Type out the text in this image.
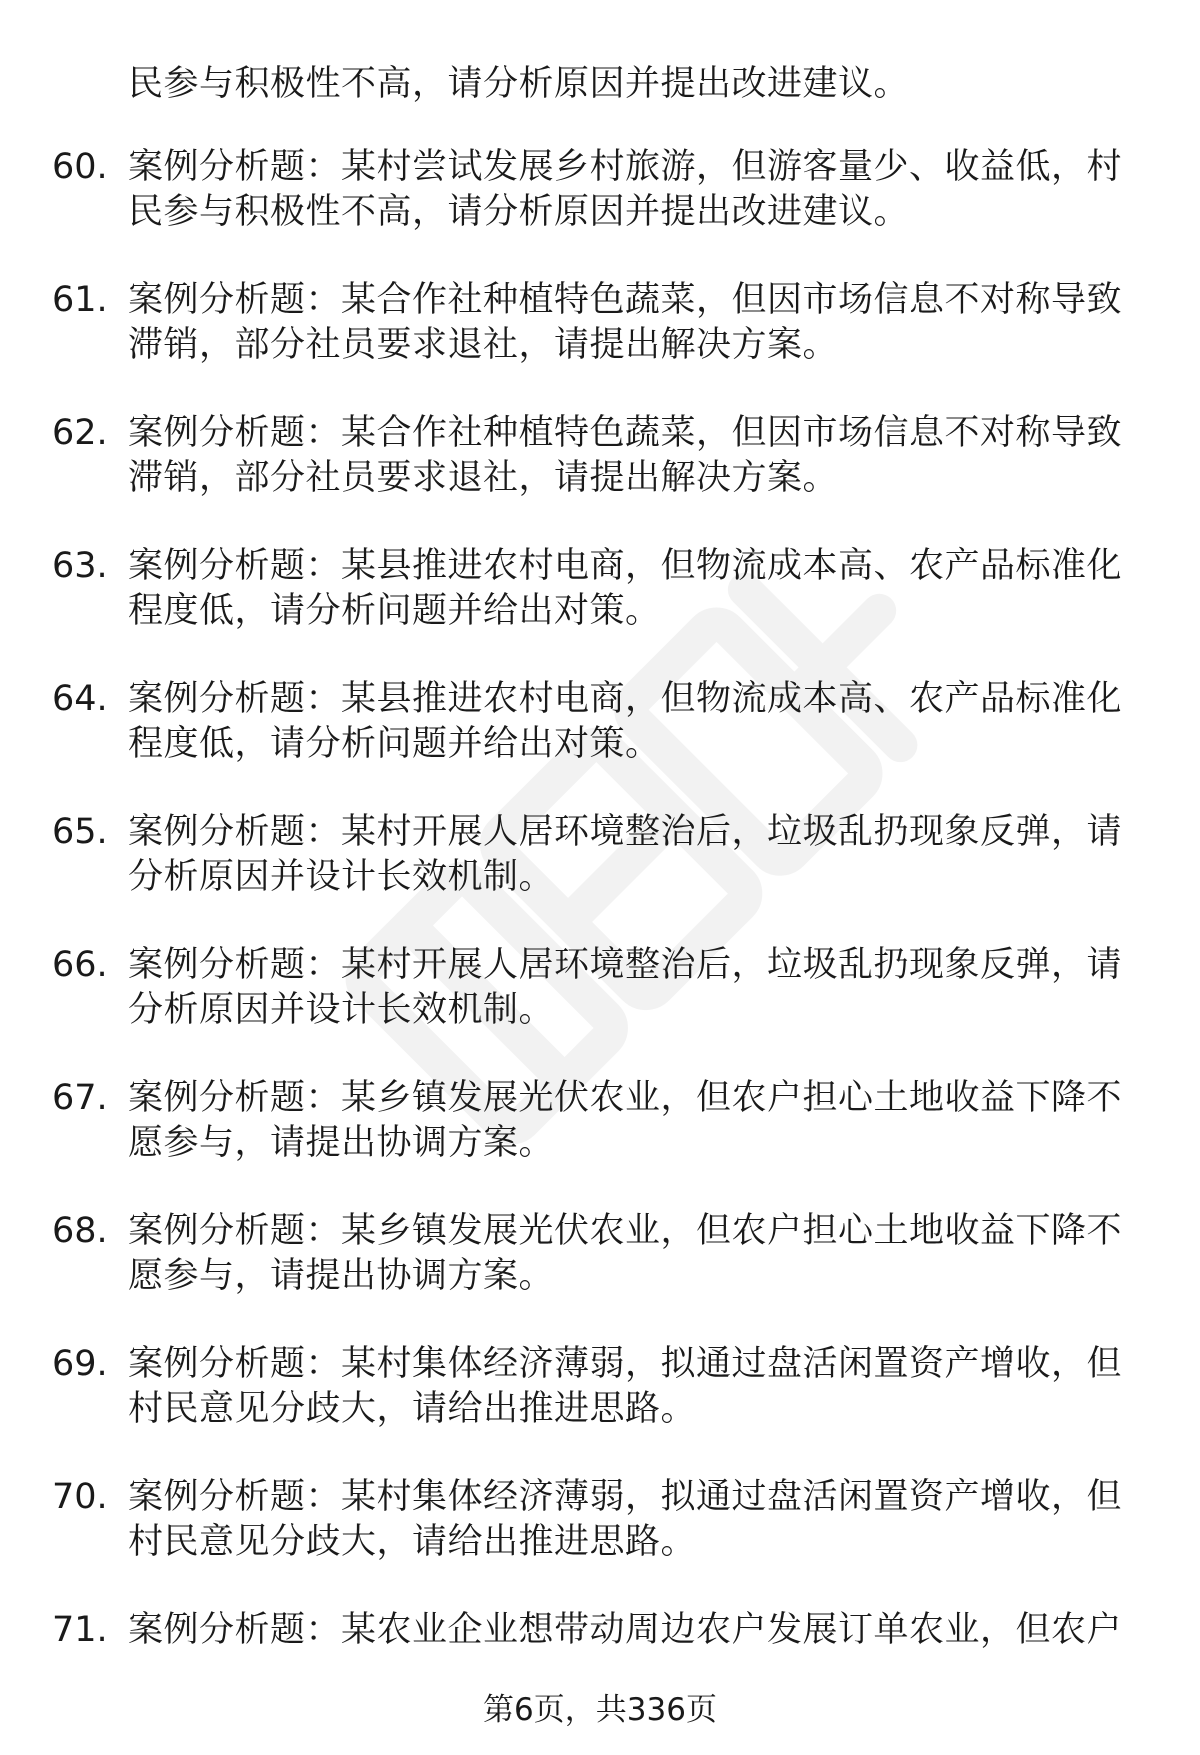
民参与积极性不高，请分析原因并提出改进建议。
60. 案例分析题：某村尝试发展乡村旅游，但游客量少、收益低，村
民参与积极性不高，请分析原因并提出改进建议。
61. 案例分析题：某合作社种植特色蔬菜，但因市场信息不对称导致
滞销，部分社员要求退社，请提出解决方案。
62. 案例分析题：某合作社种植特色蔬菜，但因市场信息不对称导致
滞销，部分社员要求退社，请提出解决方案。
63. 案例分析题：某县推进农村电商，但物流成本高、农产品标准化
程度低，请分析问题并给出对策。
64. 案例分析题：某县推进农村电商，但物流成本高、农产品标准化
程度低，请分析问题并给出对策。
65. 案例分析题：某村开展人居环境整治后，垃圾乱扔现象反弹，请
分析原因并设计长效机制。
66. 案例分析题：某村开展人居环境整治后，垃圾乱扔现象反弹，请
分析原因并设计长效机制。
67. 案例分析题：某乡镇发展光伏农业，但农户担心土地收益下降不
愿参与，请提出协调方案。
68. 案例分析题：某乡镇发展光伏农业，但农户担心土地收益下降不
愿参与，请提出协调方案。
69. 案例分析题：某村集体经济薄弱，拟通过盘活闲置资产增收，但
村民意见分歧大，请给出推进思路。
70. 案例分析题：某村集体经济薄弱，拟通过盘活闲置资产增收，但
村民意见分歧大，请给出推进思路。
71. 案例分析题：某农业企业想带动周边农户发展订单农业，但农户
第6页，共336页
